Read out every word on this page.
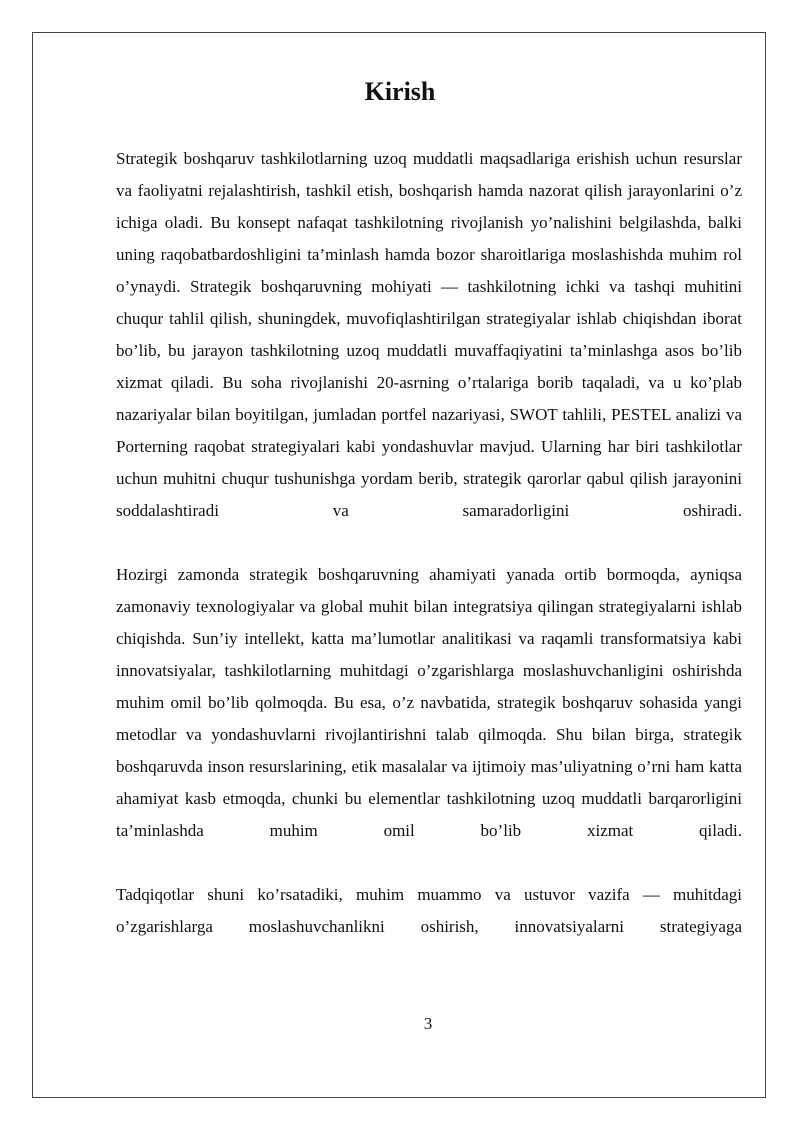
Kirish

Strategik boshqaruv tashkilotlarning uzoq muddatli maqsadlariga erishish uchun resurslar va faoliyatni rejalashtirish, tashkil etish, boshqarish hamda nazorat qilish jarayonlarini o’z ichiga oladi. Bu konsept nafaqat tashkilotning rivojlanish yo’nalishini belgilashda, balki uning raqobatbardoshligini ta’minlash hamda bozor sharoitlariga moslashishda muhim rol o’ynaydi. Strategik boshqaruvning mohiyati — tashkilotning ichki va tashqi muhitini chuqur tahlil qilish, shuningdek, muvofiqlashtirilgan strategiyalar ishlab chiqishdan iborat bo’lib, bu jarayon tashkilotning uzoq muddatli muvaffaqiyatini ta’minlashga asos bo’lib xizmat qiladi. Bu soha rivojlanishi 20-asrning o’rtalariga borib taqaladi, va u ko’plab nazariyalar bilan boyitilgan, jumladan portfel nazariyasi, SWOT tahlili, PESTEL analizi va Porterning raqobat strategiyalari kabi yondashuvlar mavjud. Ularning har biri tashkilotlar uchun muhitni chuqur tushunishga yordam berib, strategik qarorlar qabul qilish jarayonini soddalashtiradi va samaradorligini oshiradi.

Hozirgi zamonda strategik boshqaruvning ahamiyati yanada ortib bormoqda, ayniqsa zamonaviy texnologiyalar va global muhit bilan integratsiya qilingan strategiyalarni ishlab chiqishda. Sun’iy intellekt, katta ma’lumotlar analitikasi va raqamli transformatsiya kabi innovatsiyalar, tashkilotlarning muhitdagi o’zgarishlarga moslashuvchanligini oshirishda muhim omil bo’lib qolmoqda. Bu esa, o’z navbatida, strategik boshqaruv sohasida yangi metodlar va yondashuvlarni rivojlantirishni talab qilmoqda. Shu bilan birga, strategik boshqaruvda inson resurslarining, etik masalalar va ijtimoiy mas’uliyatning o’rni ham katta ahamiyat kasb etmoqda, chunki bu elementlar tashkilotning uzoq muddatli barqarorligini ta’minlashda muhim omil bo’lib xizmat qiladi.

Tadqiqotlar shuni ko’rsatadiki, muhim muammo va ustuvor vazifa — muhitdagi o’zgarishlarga moslashuvchanlikni oshirish, innovatsiyalarni strategiyaga

3
